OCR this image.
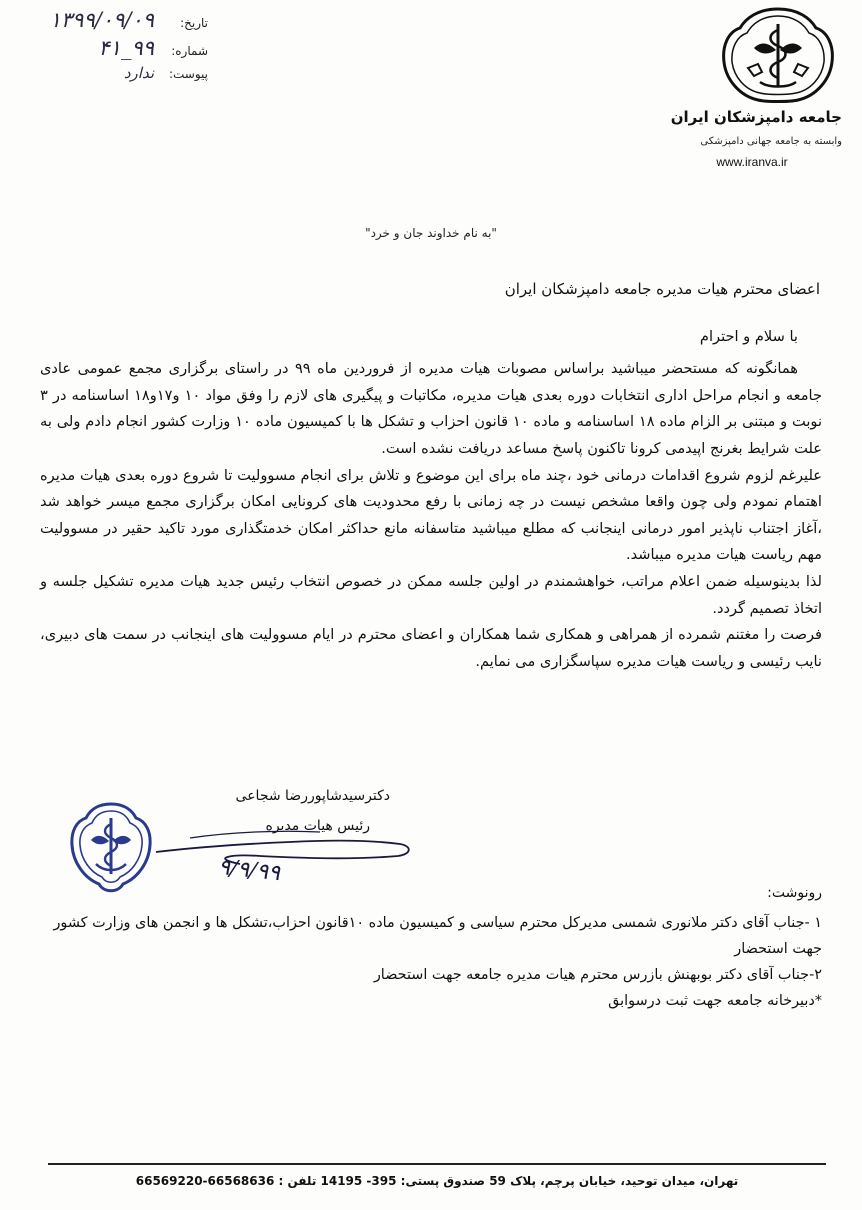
تاریخ:
۱۳۹۹/۰۹/۰۹
شماره:
۹۹_۴۱
پیوست:
ندارد

جامعه دامپزشکان ایران

وابسته به جامعه جهانی دامپزشکی
www.iranva.ir
"به نام خداوند جان و خرد"

اعضای محترم هیات مدیره جامعه دامپزشکان ایران

با سلام و احترام

همانگونه که مستحضر میباشید براساس مصوبات هیات مدیره از فروردین ماه ۹۹ در راستای برگزاری مجمع عمومی عادی جامعه و انجام مراحل اداری انتخابات دوره بعدی هیات مدیره، مکاتبات و پیگیری های لازم را وفق مواد ۱۰ و۱۷و۱۸ اساسنامه در ۳ نوبت و مبتنی بر الزام ماده ۱۸ اساسنامه و ماده ۱۰ قانون احزاب و تشکل ها با کمیسیون ماده ۱۰ وزارت کشور انجام دادم ولی به علت شرایط بغرنج اپیدمی کرونا تاکنون پاسخ مساعد دریافت نشده است.

علیرغم لزوم شروع اقدامات درمانی خود ،چند ماه برای این موضوع و تلاش برای انجام مسوولیت تا شروع دوره بعدی هیات مدیره اهتمام نمودم ولی چون واقعا مشخص نیست در چه زمانی با رفع محدودیت های کرونایی امکان برگزاری مجمع میسر خواهد شد ،آغاز اجتناب ناپذیر امور درمانی اینجانب که مطلع میباشید متاسفانه مانع حداکثر امکان خدمتگذاری مورد تاکید حقیر در مسوولیت مهم ریاست هیات مدیره میباشد.

لذا بدینوسیله ضمن اعلام مراتب، خواهشمندم در اولین جلسه ممکن در خصوص انتخاب رئیس جدید هیات مدیره تشکیل جلسه و اتخاذ تصمیم گردد.

فرصت را مغتنم شمرده از همراهی و همکاری شما همکاران و اعضای محترم در ایام مسوولیت های اینجانب در سمت های دبیری، نایب رئیسی و ریاست هیات مدیره سپاسگزاری می نمایم.

دکترسیدشاپوررضا شجاعی
رئیس هیات مدیره
۹/۹/۹۹

رونوشت:

۱ -جناب آقای دکتر ملانوری شمسی مدیرکل محترم سیاسی و کمیسیون ماده ۱۰قانون احزاب،تشکل ها و انجمن های وزارت کشور جهت استحضار

۲-جناب آقای دکتر بوبهنش بازرس محترم هیات مدیره جامعه جهت استحضار

*دبیرخانه جامعه جهت ثبت درسوابق

تهران، میدان توحید، خیابان پرچم، پلاک 59 صندوق پستی: 395- 14195 تلفن : 66568636-66569220
